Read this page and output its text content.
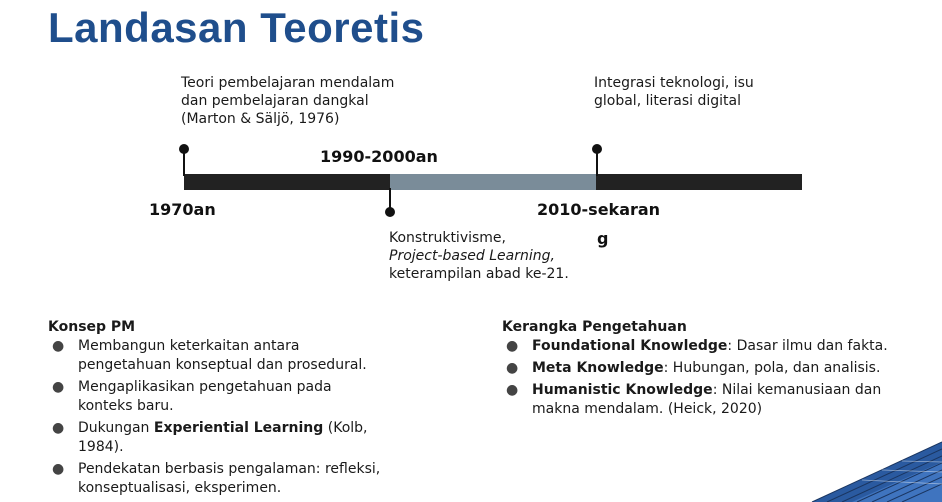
Landasan Teoretis
Teori pembelajaran mendalam
dan pembelajaran dangkal
(Marton & Säljö, 1976)
Integrasi teknologi, isu
global, literasi digital
1970an
1990-2000an
2010-sekaran
g
Konstruktivisme,
Project-based Learning,
keterampilan abad ke-21.
Konsep PM
● Membangun keterkaitan antara
pengetahuan konseptual dan prosedural.
● Mengaplikasikan pengetahuan pada
konteks baru.
● Dukungan Experiential Learning (Kolb,
1984).
● Pendekatan berbasis pengalaman: refleksi,
konseptualisasi, eksperimen.
Kerangka Pengetahuan
● Foundational Knowledge: Dasar ilmu dan fakta.
● Meta Knowledge: Hubungan, pola, dan analisis.
● Humanistic Knowledge: Nilai kemanusiaan dan
makna mendalam. (Heick, 2020)
